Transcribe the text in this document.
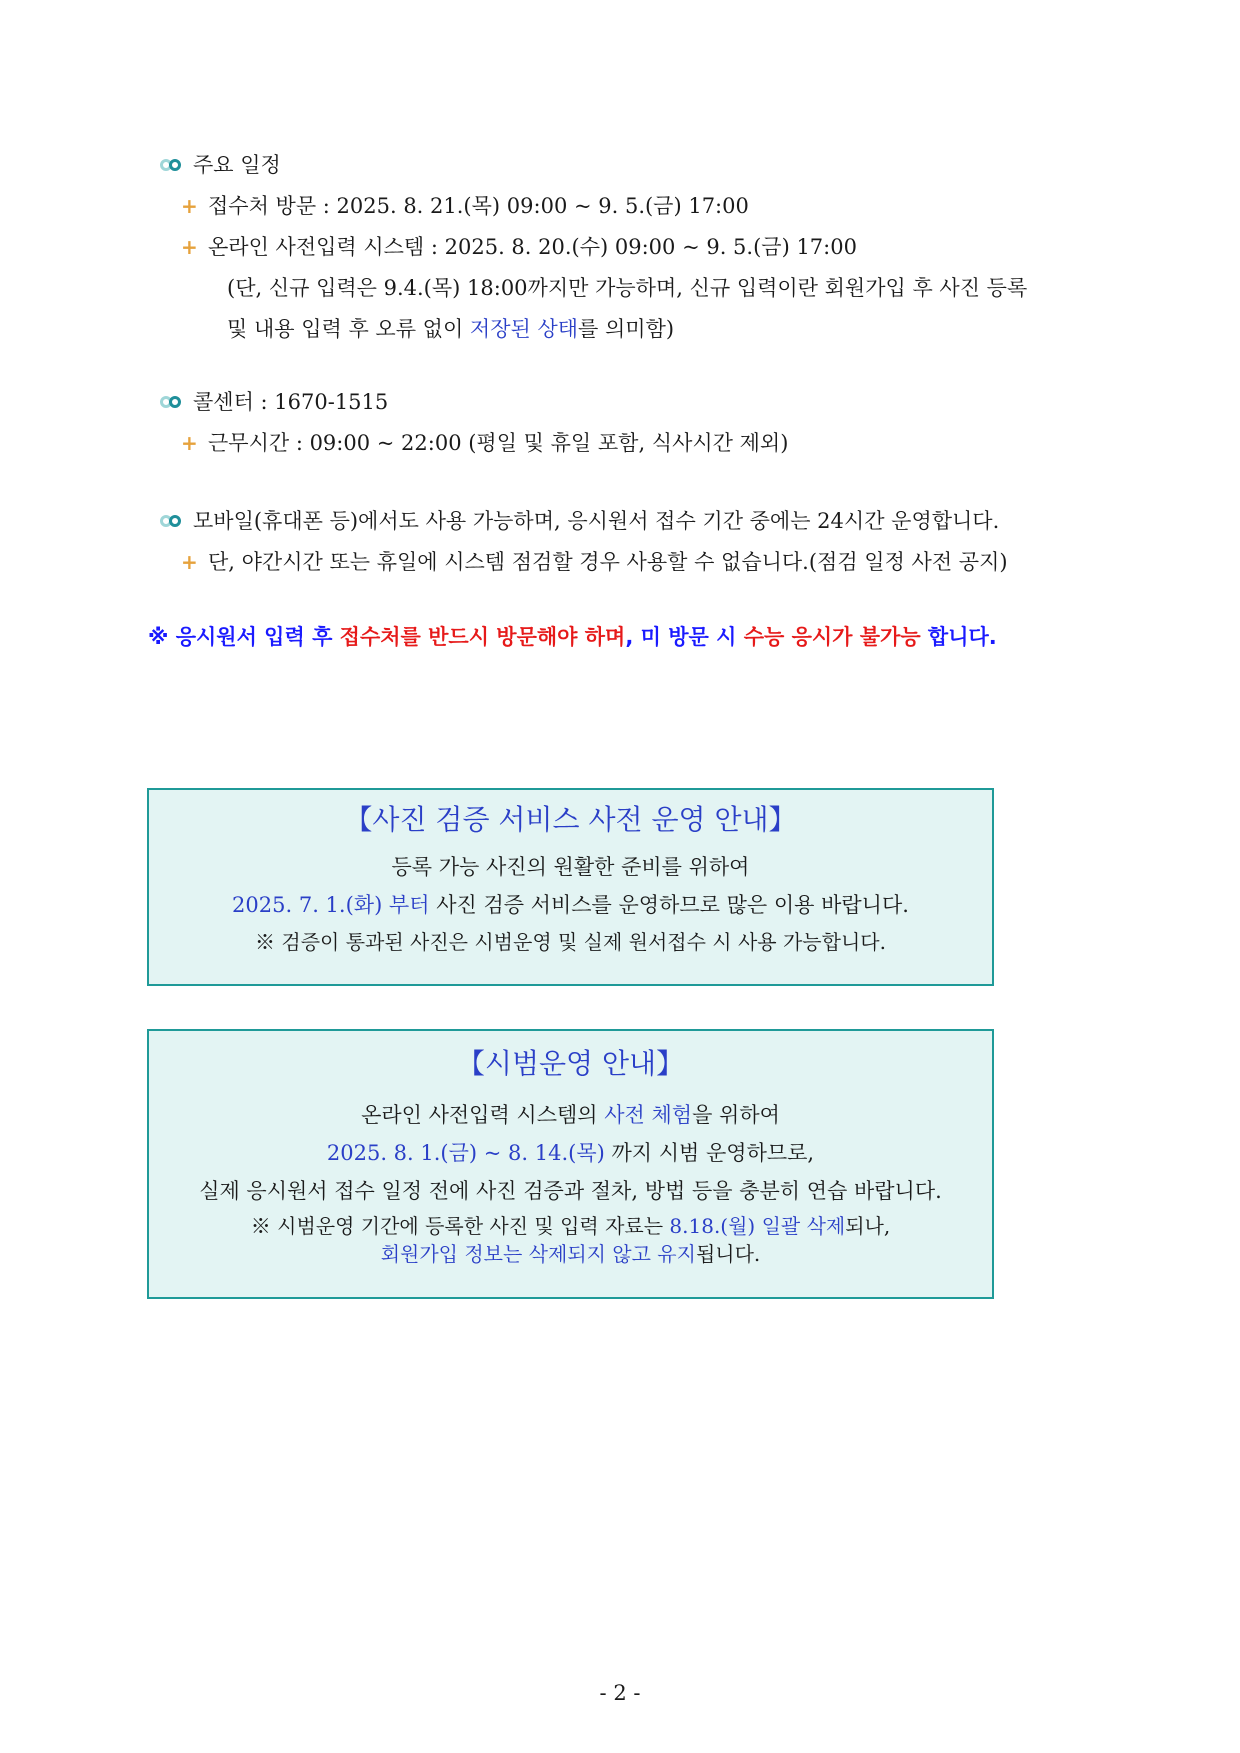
주요 일정
+ 접수처 방문 : 2025. 8. 21.(목) 09:00 ~ 9. 5.(금) 17:00
+ 온라인 사전입력 시스템 : 2025. 8. 20.(수) 09:00 ~ 9. 5.(금) 17:00
(단, 신규 입력은 9.4.(목) 18:00까지만 가능하며, 신규 입력이란 회원가입 후 사진 등록
및 내용 입력 후 오류 없이 저장된 상태를 의미함)
콜센터 : 1670-1515
+ 근무시간 : 09:00 ~ 22:00 (평일 및 휴일 포함, 식사시간 제외)
모바일(휴대폰 등)에서도 사용 가능하며, 응시원서 접수 기간 중에는 24시간 운영합니다.
+ 단, 야간시간 또는 휴일에 시스템 점검할 경우 사용할 수 없습니다.(점검 일정 사전 공지)
※ 응시원서 입력 후 접수처를 반드시 방문해야 하며, 미 방문 시 수능 응시가 불가능 합니다.
【사진 검증 서비스 사전 운영 안내】
등록 가능 사진의 원활한 준비를 위하여
2025. 7. 1.(화) 부터 사진 검증 서비스를 운영하므로 많은 이용 바랍니다.
※ 검증이 통과된 사진은 시범운영 및 실제 원서접수 시 사용 가능합니다.
【시범운영 안내】
온라인 사전입력 시스템의 사전 체험을 위하여
2025. 8. 1.(금) ~ 8. 14.(목) 까지 시범 운영하므로,
실제 응시원서 접수 일정 전에 사진 검증과 절차, 방법 등을 충분히 연습 바랍니다.
※ 시범운영 기간에 등록한 사진 및 입력 자료는 8.18.(월) 일괄 삭제되나,
회원가입 정보는 삭제되지 않고 유지됩니다.
- 2 -
